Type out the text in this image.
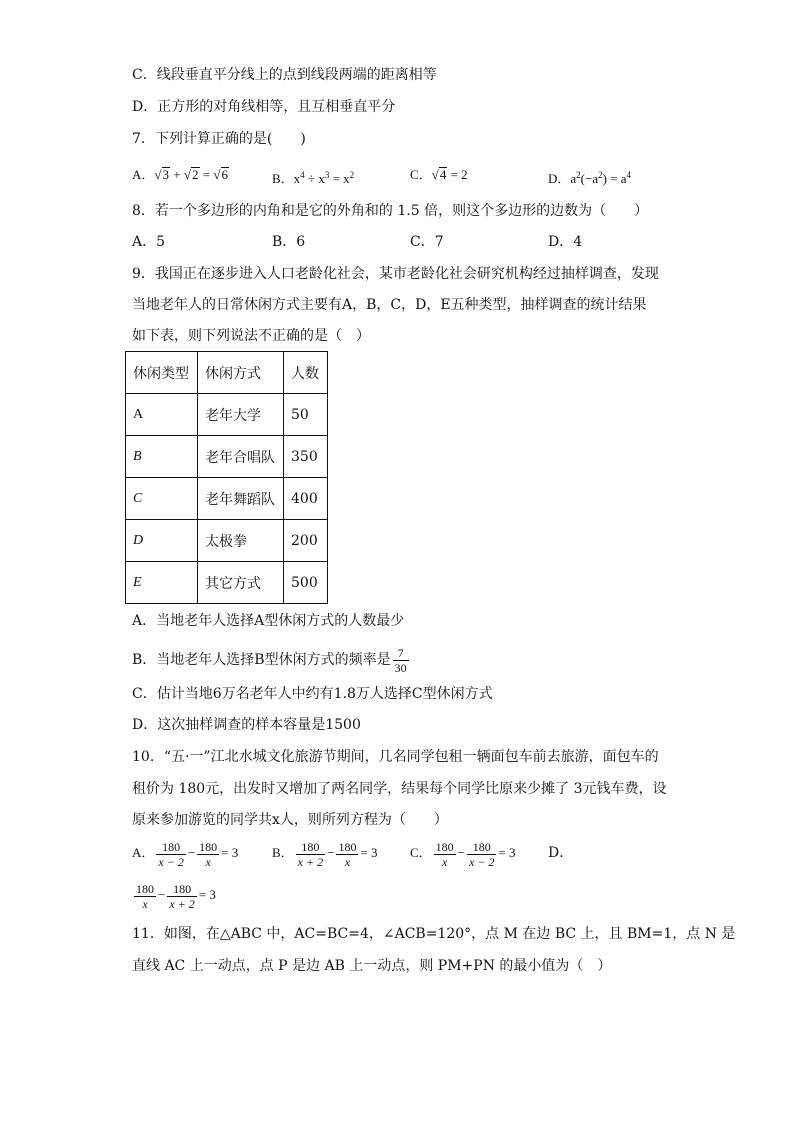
C．线段垂直平分线上的点到线段两端的距离相等
D．正方形的对角线相等，且互相垂直平分
7．下列计算正确的是(　　)
A．√3 + √2 = √6	B．$x^4 \div x^3 = x^2$	C．√4 = 2	D．$a^2(-a^2) = a^4$
8．若一个多边形的内角和是它的外角和的 1.5 倍，则这个多边形的边数为（　　）
A．5	B．6	C．7	D．4
9．我国正在逐步进入人口老龄化社会，某市老龄化社会研究机构经过抽样调查，发现
当地老年人的日常休闲方式主要有A，B，C，D，E五种类型，抽样调查的统计结果
如下表，则下列说法不正确的是（　）
休闲类型	休闲方式	人数
A	老年大学	50
B	老年合唱队	350
C	老年舞蹈队	400
D	太极拳	200
E	其它方式	500
A．当地老年人选择A型休闲方式的人数最少
B．当地老年人选择B型休闲方式的频率是 $\frac{7}{30}$
C．估计当地6万名老年人中约有1.8万人选择C型休闲方式
D．这次抽样调查的样本容量是1500
10．“五·一”江北水城文化旅游节期间，几名同学包租一辆面包车前去旅游，面包车的
租价为 180元，出发时又增加了两名同学，结果每个同学比原来少摊了 3元钱车费，设
原来参加游览的同学共x人，则所列方程为（　　）
A． $\frac{180}{x - 2} - \frac{180}{x} = 3$	B． $\frac{180}{x + 2} - \frac{180}{x} = 3$ C． $\frac{180}{x} - \frac{180}{x - 2} = 3$ D．
$\frac{180}{x} - \frac{180}{x + 2} = 3$
11．如图，在△ABC 中，AC=BC=4，∠ACB=120°，点 M 在边 BC 上，且 BM=1，点 N 是
直线 AC 上一动点，点 P 是边 AB 上一动点，则 PM+PN 的最小值为（　）
